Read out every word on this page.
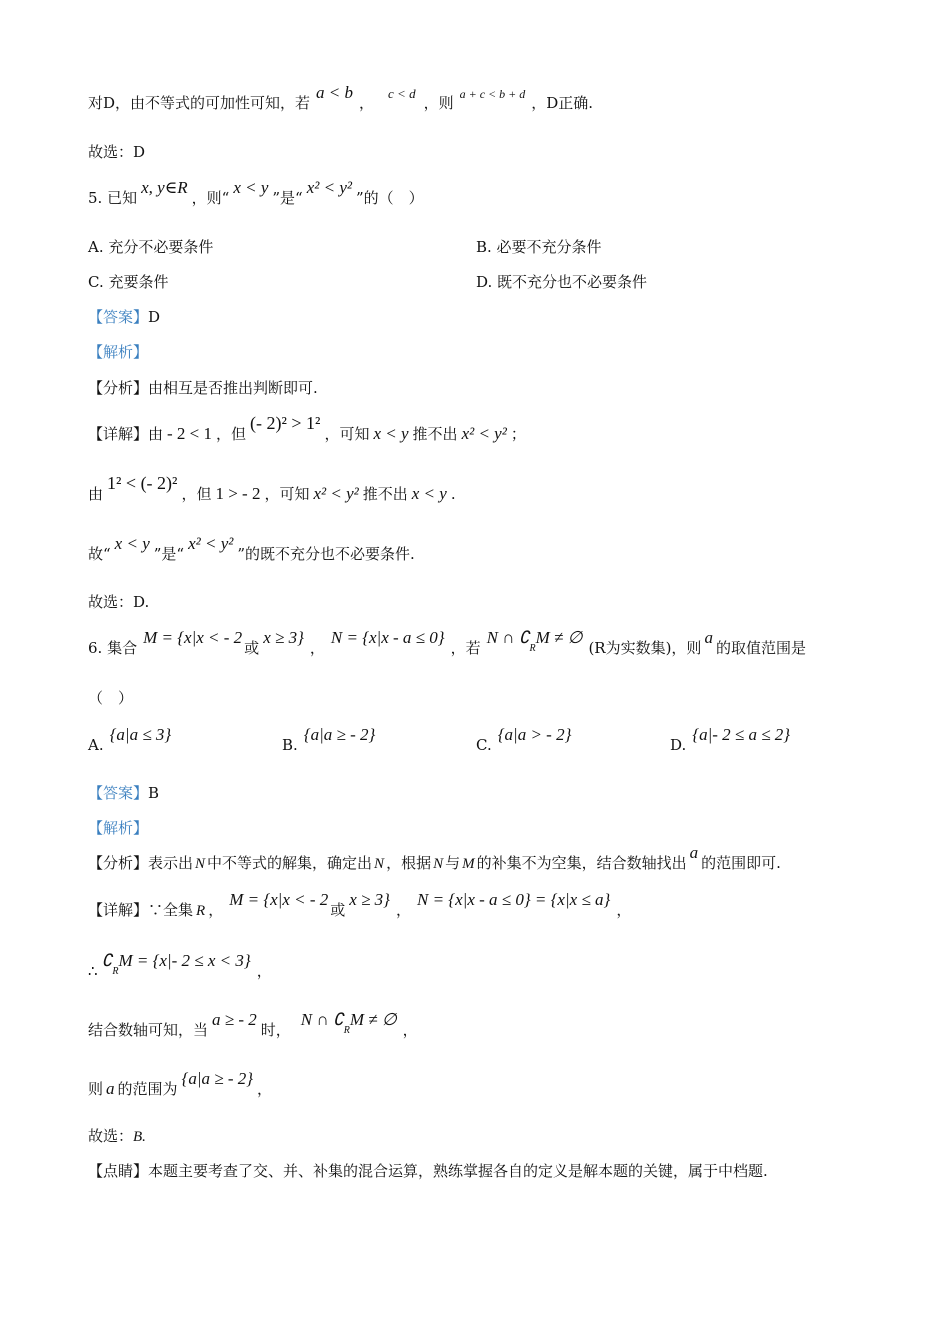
对D，由不等式的可加性可知，若a < b，c < d，则 $^{a + c < b + d}$ ，D正确.
故选：D
5. 已知x, y∈R，则“x < y”是“x² < y²”的（　）
A. 充分不必要条件	B. 必要不充分条件
C. 充要条件	D. 既不充分也不必要条件
【答案】D
【解析】
【分析】由相互是否推出判断即可.
【详解】由 - 2 < 1 ，但(- 2)² > 1²，可知 x < y 推不出 x² < y² ；
由1² < (- 2)²，但 1 > - 2 ，可知 x² < y² 推不出 x < y .
故“x < y”是“x² < y²”的既不充分也不必要条件.
故选：D.
6. 集合M = {x|x < - 2或x ≥ 3}，N = {x|x - a ≤ 0}，若N ∩ ∁RM ≠ ∅(R为实数集)，则a的取值范围是
（　）
A.{a|a ≤ 3}
B.{a|a ≥ - 2}
C.{a|a > - 2}
D.{a|- 2 ≤ a ≤ 2}
【答案】B
【解析】
【分析】表示出 N 中不等式的解集，确定出 N ，根据 N 与 M 的补集不为空集，结合数轴找出a的范围即可.
【详解】∵全集 R ，M = {x|x < - 2或x ≥ 3}，N = {x|x - a ≤ 0} = {x|x ≤ a}，
∴∁RM = {x|- 2 ≤ x < 3}，
结合数轴可知，当a ≥ - 2时，N ∩ ∁RM ≠ ∅，
则 a 的范围为{a|a ≥ - 2}，
故选：B.
【点睛】本题主要考查了交、并、补集的混合运算，熟练掌握各自的定义是解本题的关键，属于中档题.
